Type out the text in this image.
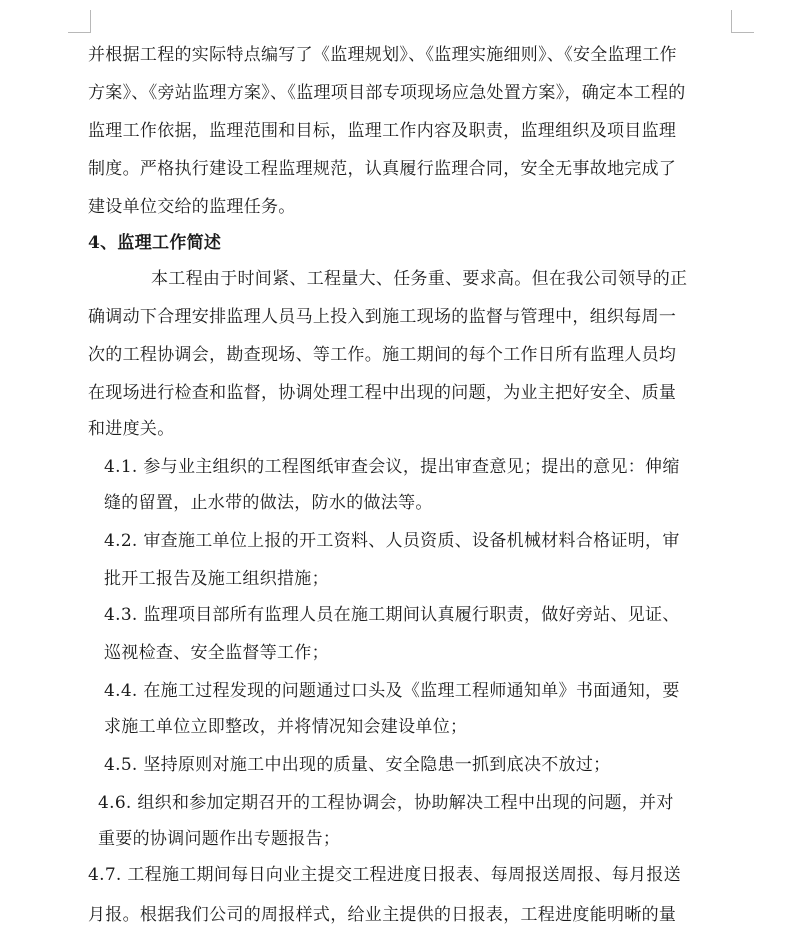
并根据工程的实际特点编写了《监理规划》、《监理实施细则》、《安全监理工作
方案》、《旁站监理方案》、《监理项目部专项现场应急处置方案》，确定本工程的
监理工作依据，监理范围和目标，监理工作内容及职责，监理组织及项目监理
制度。严格执行建设工程监理规范，认真履行监理合同，安全无事故地完成了
建设单位交给的监理任务。
4、监理工作简述
本工程由于时间紧、工程量大、任务重、要求高。但在我公司领导的正
确调动下合理安排监理人员马上投入到施工现场的监督与管理中，组织每周一
次的工程协调会，勘查现场、等工作。施工期间的每个工作日所有监理人员均
在现场进行检查和监督，协调处理工程中出现的问题，为业主把好安全、质量
和进度关。
4.1. 参与业主组织的工程图纸审查会议，提出审查意见；提出的意见：伸缩
缝的留置，止水带的做法，防水的做法等。
4.2. 审查施工单位上报的开工资料、人员资质、设备机械材料合格证明，审
批开工报告及施工组织措施；
4.3. 监理项目部所有监理人员在施工期间认真履行职责，做好旁站、见证、
巡视检查、安全监督等工作；
4.4. 在施工过程发现的问题通过口头及《监理工程师通知单》书面通知，要
求施工单位立即整改，并将情况知会建设单位；
4.5. 坚持原则对施工中出现的质量、安全隐患一抓到底决不放过；
4.6. 组织和参加定期召开的工程协调会，协助解决工程中出现的问题，并对
重要的协调问题作出专题报告；
4.7. 工程施工期间每日向业主提交工程进度日报表、每周报送周报、每月报送
月报。根据我们公司的周报样式，给业主提供的日报表，工程进度能明晰的量
